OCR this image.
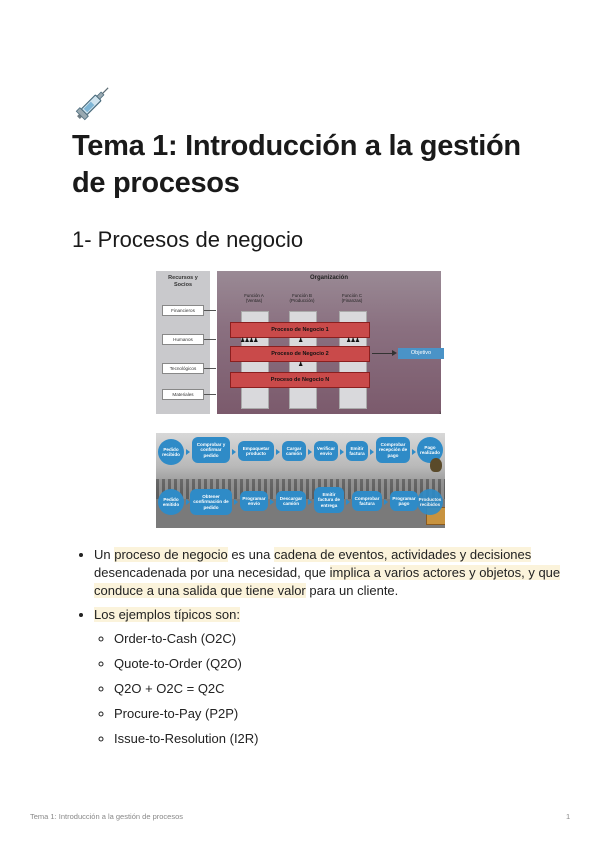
Tema 1: Introducción a la gestión de procesos
1- Procesos de negocio
Recursos y Socios
Financieros
Humanos
Tecnológicos
Materiales
Organización
Función A (Ventas)
Función B (Producción)
Función C (Finanzas)
Proceso de Negocio 1
♟♟♟♟	♟	♟♟♟
Proceso de Negocio 2
♟
Proceso de Negocio N
Objetivo
1
Pedido recibido
Comprobar y confirmar pedido
Empaquetar producto
Cargar camión
Verificar envío
Emitir factura
Comprobar recepción de pago
Pago realizado
Pedido emitido
Obtener confirmación de pedido
Programar envío
Descargar camión
Emitir factura de entrega
Comprobar factura
Programar pago
Productos recibidos
• Un proceso de negocio es una cadena de eventos, actividades y decisiones desencadenada por una necesidad, que implica a varios actores y objetos, y que conduce a una salida que tiene valor para un cliente.
• Los ejemplos típicos son:
◦ Order-to-Cash (O2C)
◦ Quote-to-Order (Q2O)
◦ Q2O + O2C = Q2C
◦ Procure-to-Pay (P2P)
◦ Issue-to-Resolution (I2R)
Tema 1: Introducción a la gestión de procesos	1
